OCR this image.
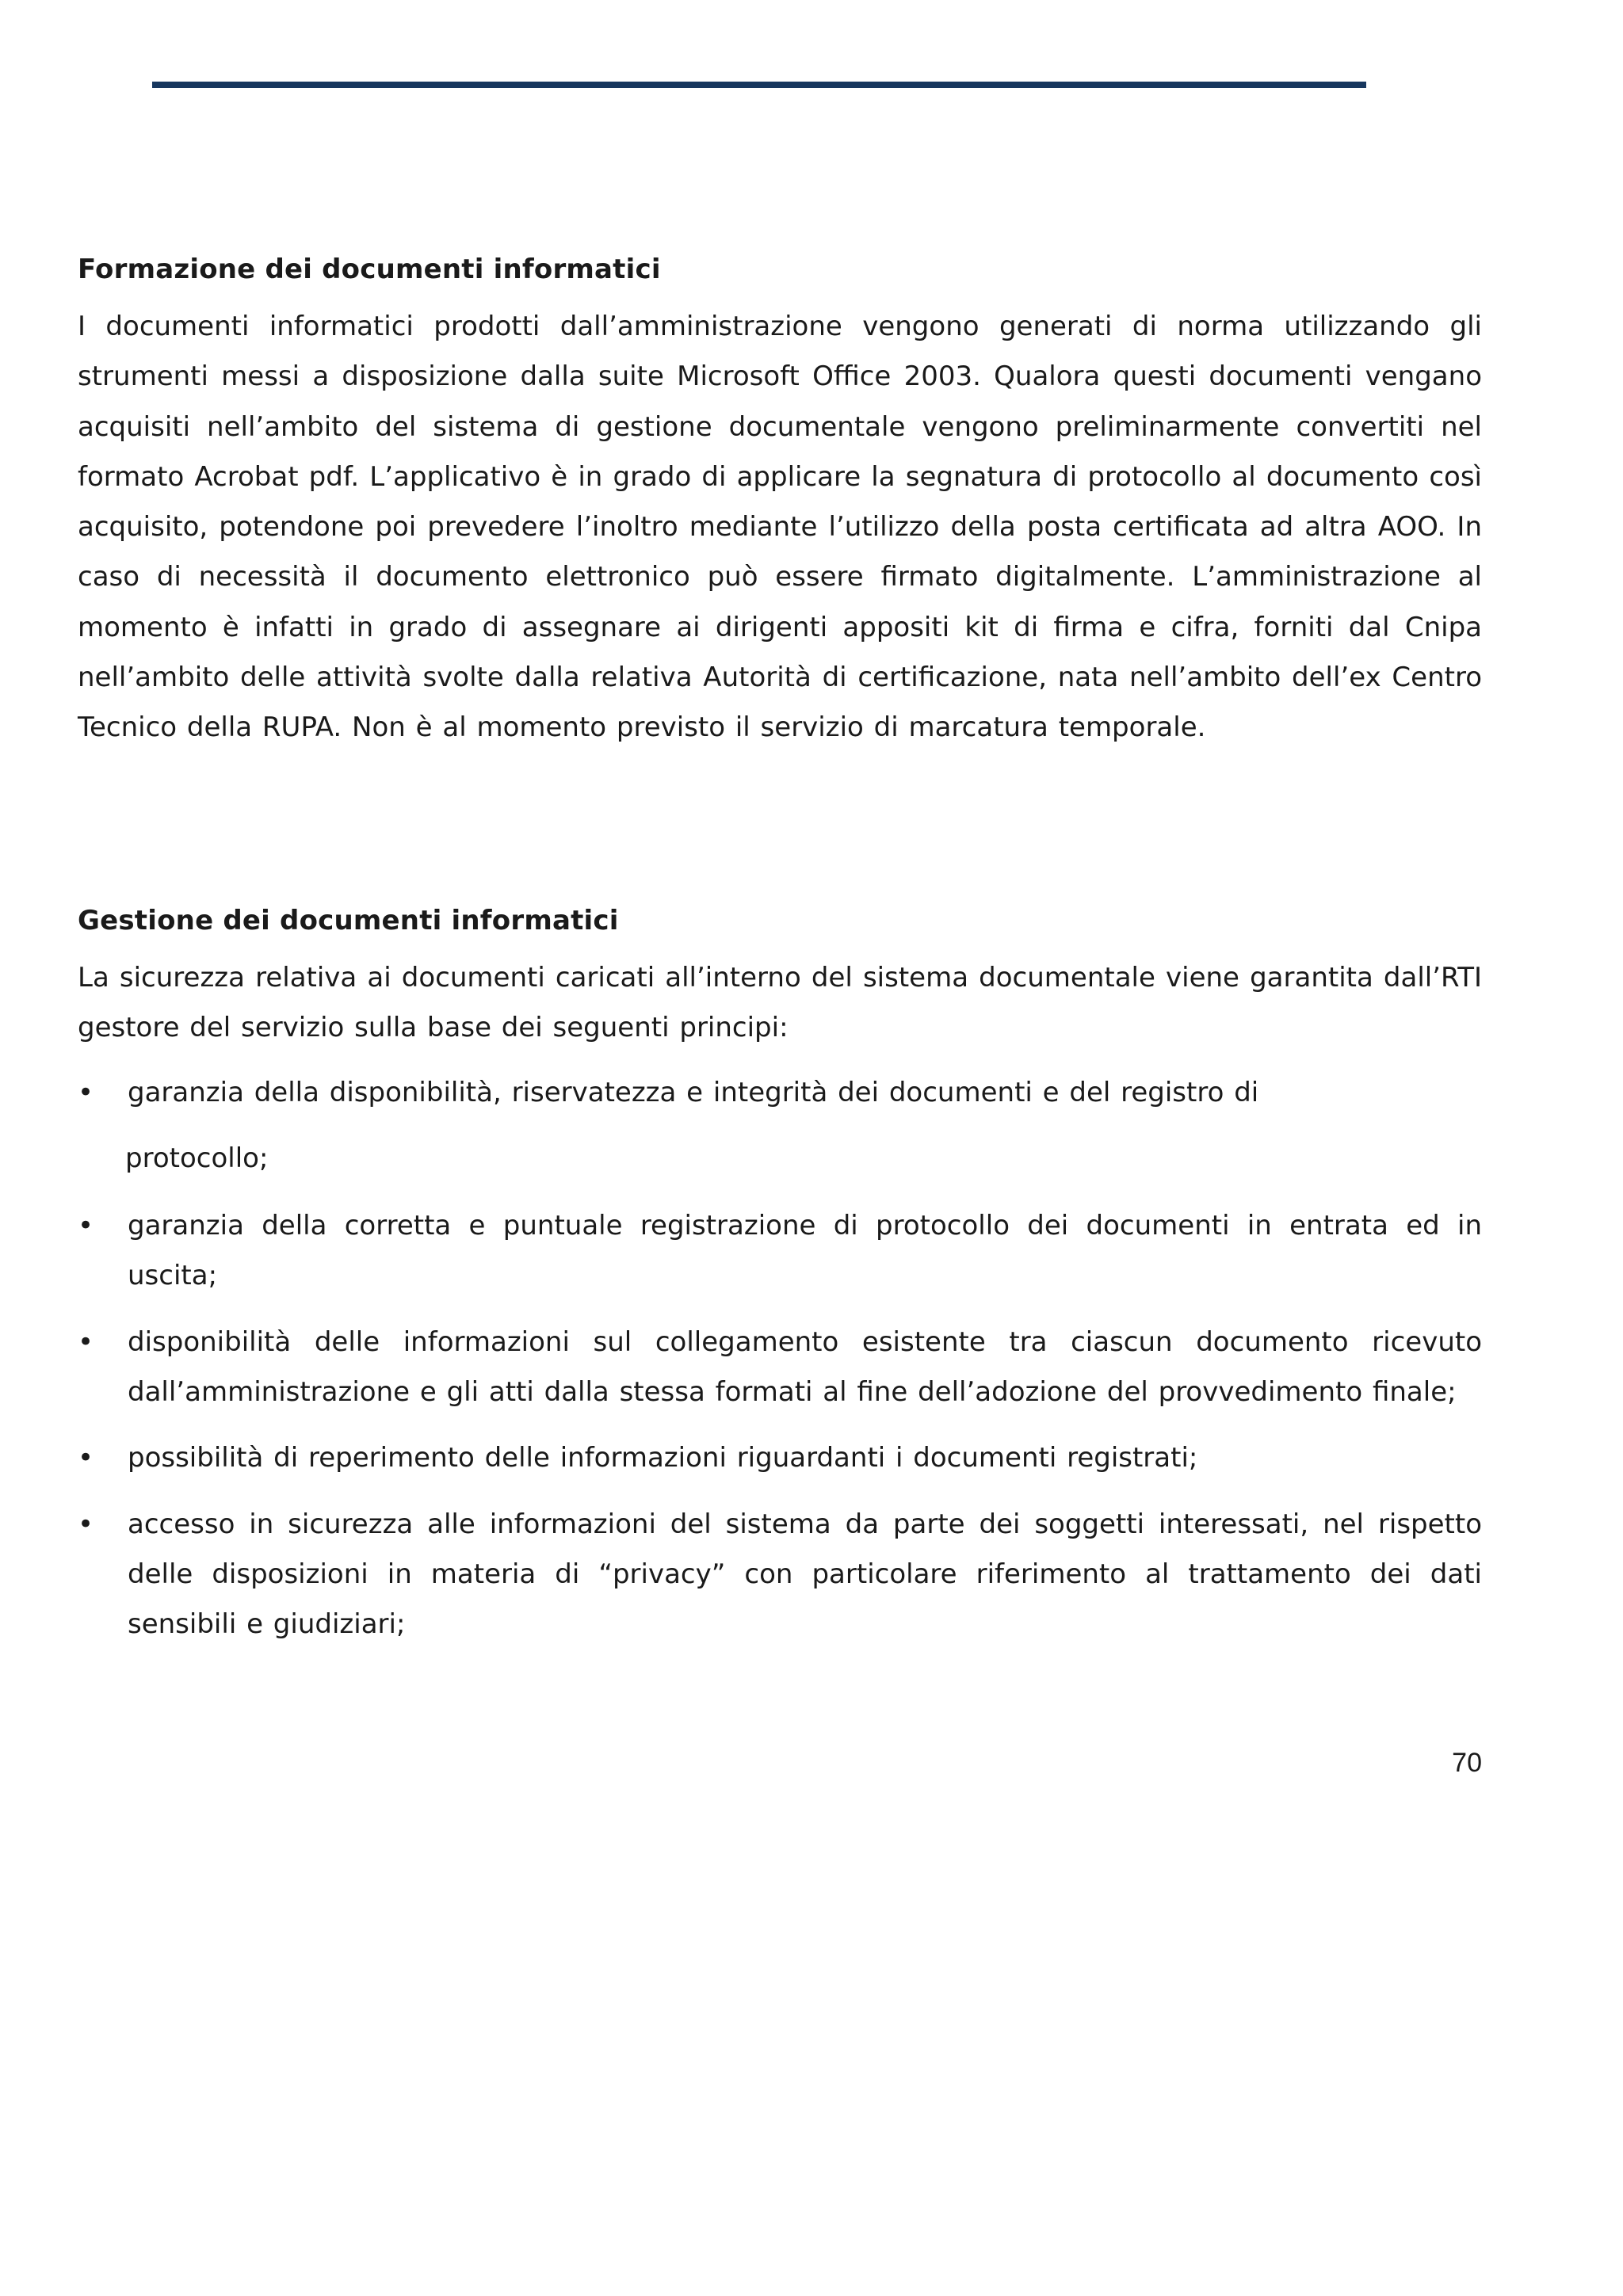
Formazione dei documenti informatici

I documenti informatici prodotti dall’amministrazione vengono generati di norma utilizzando gli strumenti messi a disposizione dalla suite Microsoft Office 2003. Qualora questi documenti vengano acquisiti nell’ambito del sistema di gestione documentale vengono preliminarmente convertiti nel formato Acrobat pdf. L’applicativo è in grado di applicare la segnatura di protocollo al documento così acquisito, potendone poi prevedere l’inoltro mediante l’utilizzo della posta certificata ad altra AOO. In caso di necessità il documento elettronico può essere firmato digitalmente. L’amministrazione al momento è infatti in grado di assegnare ai dirigenti appositi kit di firma e cifra, forniti dal Cnipa nell’ambito delle attività svolte dalla relativa Autorità di certificazione, nata nell’ambito dell’ex Centro Tecnico della RUPA. Non è al momento previsto il servizio di marcatura temporale.

Gestione dei documenti informatici

La sicurezza relativa ai documenti caricati all’interno del sistema documentale viene garantita dall’RTI gestore del servizio sulla base dei seguenti principi:

• garanzia della disponibilità, riservatezza e integrità dei documenti e del registro di
protocollo;
• garanzia della corretta e puntuale registrazione di protocollo dei documenti in entrata ed in uscita;
• disponibilità delle informazioni sul collegamento esistente tra ciascun documento ricevuto dall’amministrazione e gli atti dalla stessa formati al fine dell’adozione del provvedimento finale;
• possibilità di reperimento delle informazioni riguardanti i documenti registrati;
• accesso in sicurezza alle informazioni del sistema da parte dei soggetti interessati, nel rispetto delle disposizioni in materia di “privacy” con particolare riferimento al trattamento dei dati sensibili e giudiziari;
70
